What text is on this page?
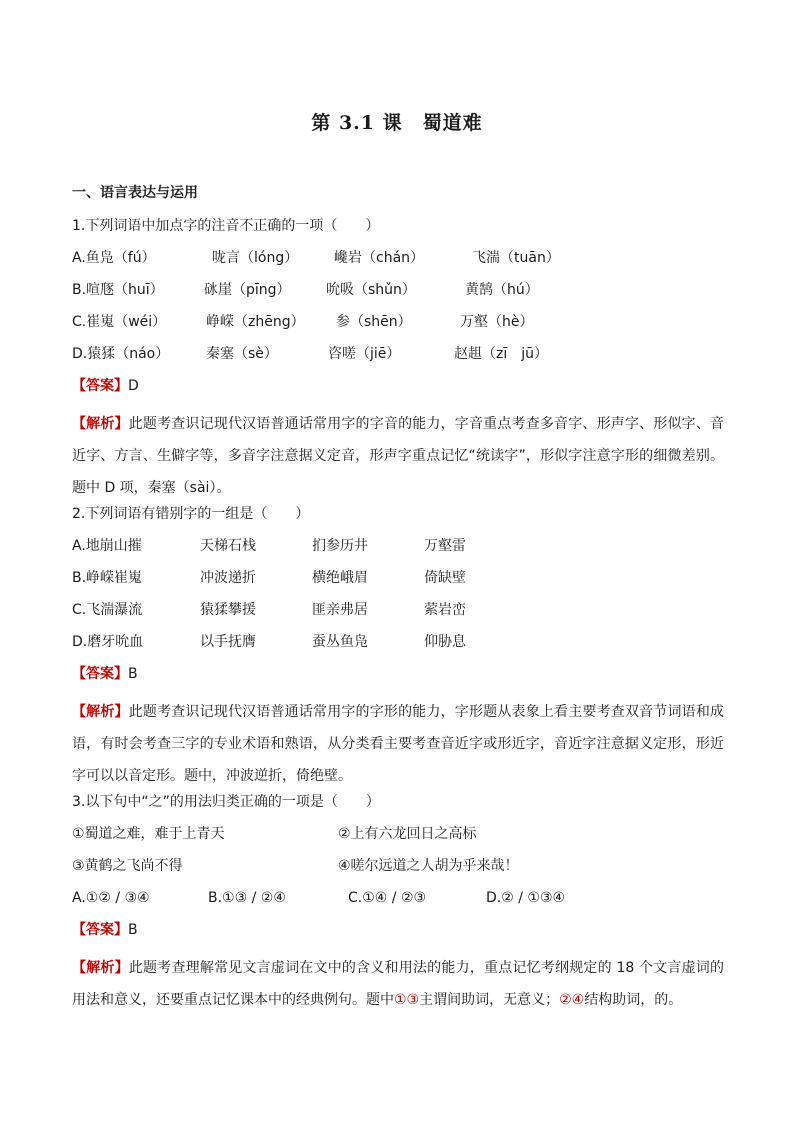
第 3.1 课　蜀道难
一、语言表达与运用
1.下列词语中加点字的注音不正确的一项（　　）
A.鱼凫（fú）	咙言（lóng）	巉岩（chán）	飞湍（tuān）
B.喧豗（huī）	砯崖（pīng）	吮吸（shǔn）	黄鹄（hú）
C.崔嵬（wéi）	峥嵘（zhēng） 参（shēn）	万壑（hè）
D.猿猱（náo）	秦塞（sè）	咨嗟（jiē）	赵趄（zī　jū）
【答案】D
【解析】此题考查识记现代汉语普通话常用字的字音的能力，字音重点考查多音字、形声字、形似字、音近字、方言、生僻字等，多音字注意据义定音，形声字重点记忆“统读字”，形似字注意字形的细微差别。题中 D 项，秦塞（sài）。
2.下列词语有错别字的一组是（　　）
A.地崩山摧	天梯石栈	扪参历井	万壑雷
B.峥嵘崔嵬	冲波递折	横绝峨眉	倚缺壁
C.飞湍瀑流	猿猱攀援	匪亲弗居	萦岩峦
D.磨牙吮血	以手抚膺	蚕丛鱼凫	仰胁息
【答案】B
【解析】此题考查识记现代汉语普通话常用字的字形的能力，字形题从表象上看主要考查双音节词语和成语，有时会考查三字的专业术语和熟语，从分类看主要考查音近字或形近字，音近字注意据义定形，形近字可以以音定形。题中，冲波逆折，倚绝壁。
3.以下句中“之”的用法归类正确的一项是（　　）
①蜀道之难，难于上青天	②上有六龙回日之高标
③黄鹤之飞尚不得	④嗟尔远道之人胡为乎来哉！
A.①② / ③④	B.①③ / ②④	C.①④ / ②③	D.② / ①③④
【答案】B
【解析】此题考查理解常见文言虚词在文中的含义和用法的能力，重点记忆考纲规定的 18 个文言虚词的用法和意义，还要重点记忆课本中的经典例句。题中①③主谓间助词，无意义；②④结构助词，的。
